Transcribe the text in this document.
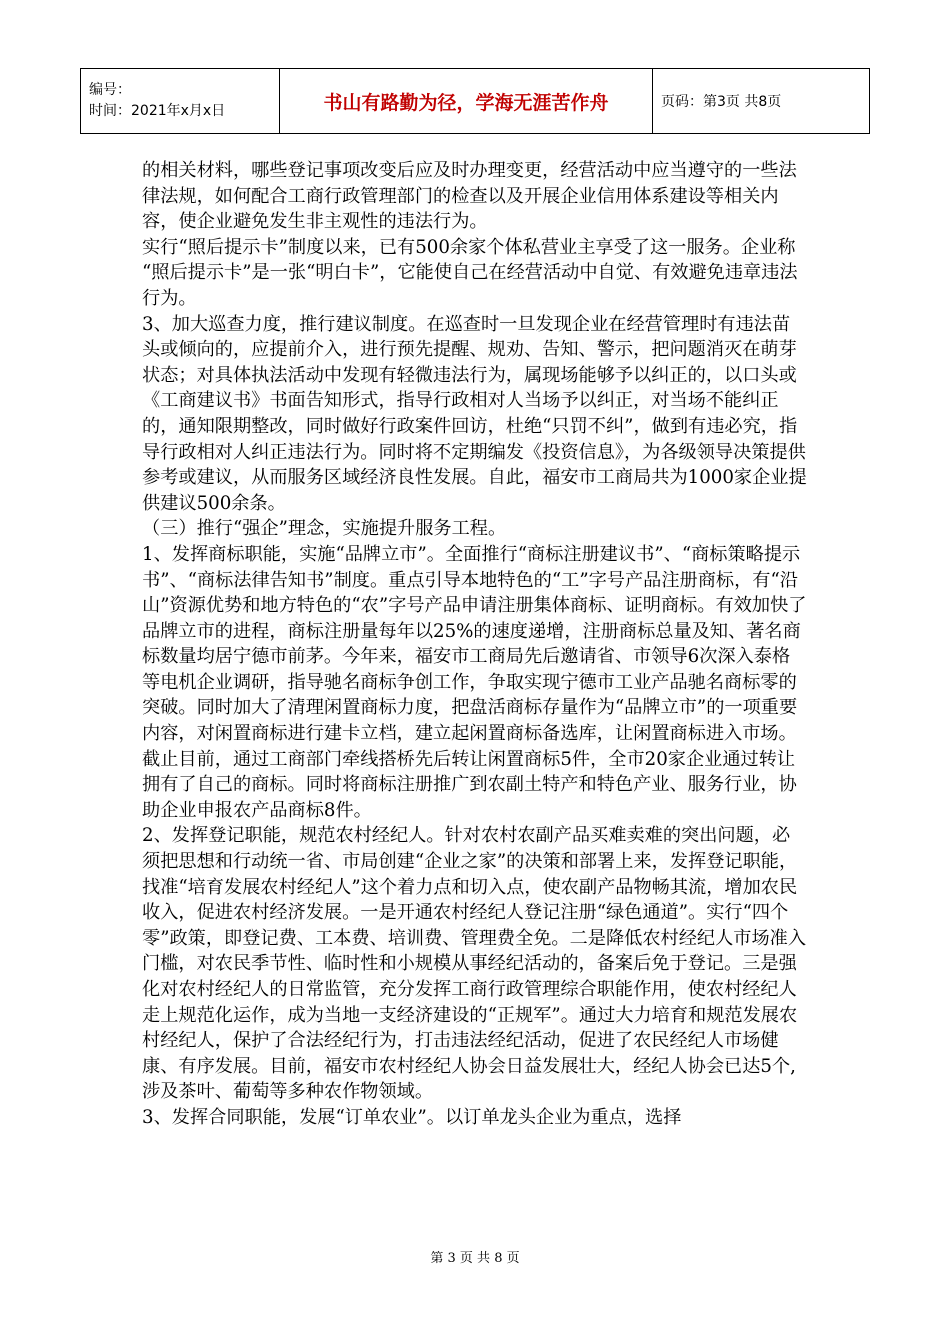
编号：
时间：2021年x月x日	书山有路勤为径，学海无涯苦作舟	页码：第3页 共8页

的相关材料，哪些登记事项改变后应及时办理变更，经营活动中应当遵守的一些法律法规，如何配合工商行政管理部门的检查以及开展企业信用体系建设等相关内容，使企业避免发生非主观性的违法行为。

实行“照后提示卡”制度以来，已有500余家个体私营业主享受了这一服务。企业称 “照后提示卡”是一张“明白卡”，它能使自己在经营活动中自觉、有效避免违章违法行为。

3、加大巡查力度，推行建议制度。在巡查时一旦发现企业在经营管理时有违法苗头或倾向的，应提前介入，进行预先提醒、规劝、告知、警示，把问题消灭在萌芽状态；对具体执法活动中发现有轻微违法行为，属现场能够予以纠正的，以口头或《工商建议书》书面告知形式，指导行政相对人当场予以纠正，对当场不能纠正的，通知限期整改，同时做好行政案件回访，杜绝“只罚不纠”，做到有违必究，指导行政相对人纠正违法行为。同时将不定期编发《投资信息》，为各级领导决策提供参考或建议，从而服务区域经济良性发展。自此，福安市工商局共为1000家企业提供建议500余条。

（三）推行“强企”理念，实施提升服务工程。

1、发挥商标职能，实施“品牌立市”。全面推行“商标注册建议书”、“商标策略提示书”、“商标法律告知书”制度。重点引导本地特色的“工”字号产品注册商标，有“沿山”资源优势和地方特色的“农”字号产品申请注册集体商标、证明商标。有效加快了品牌立市的进程，商标注册量每年以25%的速度递增，注册商标总量及知、著名商标数量均居宁德市前茅。今年来，福安市工商局先后邀请省、市领导6次深入泰格等电机企业调研，指导驰名商标争创工作，争取实现宁德市工业产品驰名商标零的突破。同时加大了清理闲置商标力度，把盘活商标存量作为“品牌立市”的一项重要内容，对闲置商标进行建卡立档，建立起闲置商标备选库，让闲置商标进入市场。截止目前，通过工商部门牵线搭桥先后转让闲置商标5件，全市20家企业通过转让拥有了自己的商标。同时将商标注册推广到农副土特产和特色产业、服务行业，协助企业申报农产品商标8件。

2、发挥登记职能，规范农村经纪人。针对农村农副产品买难卖难的突出问题，必须把思想和行动统一省、市局创建“企业之家”的决策和部署上来，发挥登记职能，找准“培育发展农村经纪人”这个着力点和切入点，使农副产品物畅其流，增加农民收入，促进农村经济发展。一是开通农村经纪人登记注册“绿色通道”。实行“四个零”政策，即登记费、工本费、培训费、管理费全免。二是降低农村经纪人市场准入门槛，对农民季节性、临时性和小规模从事经纪活动的，备案后免于登记。三是强化对农村经纪人的日常监管，充分发挥工商行政管理综合职能作用，使农村经纪人走上规范化运作，成为当地一支经济建设的“正规军”。通过大力培育和规范发展农村经纪人，保护了合法经纪行为，打击违法经纪活动，促进了农民经纪人市场健康、有序发展。目前，福安市农村经纪人协会日益发展壮大，经纪人协会已达5个,涉及茶叶、葡萄等多种农作物领域。

3、发挥合同职能，发展“订单农业”。以订单龙头企业为重点，选择

第 3 页 共 8 页
